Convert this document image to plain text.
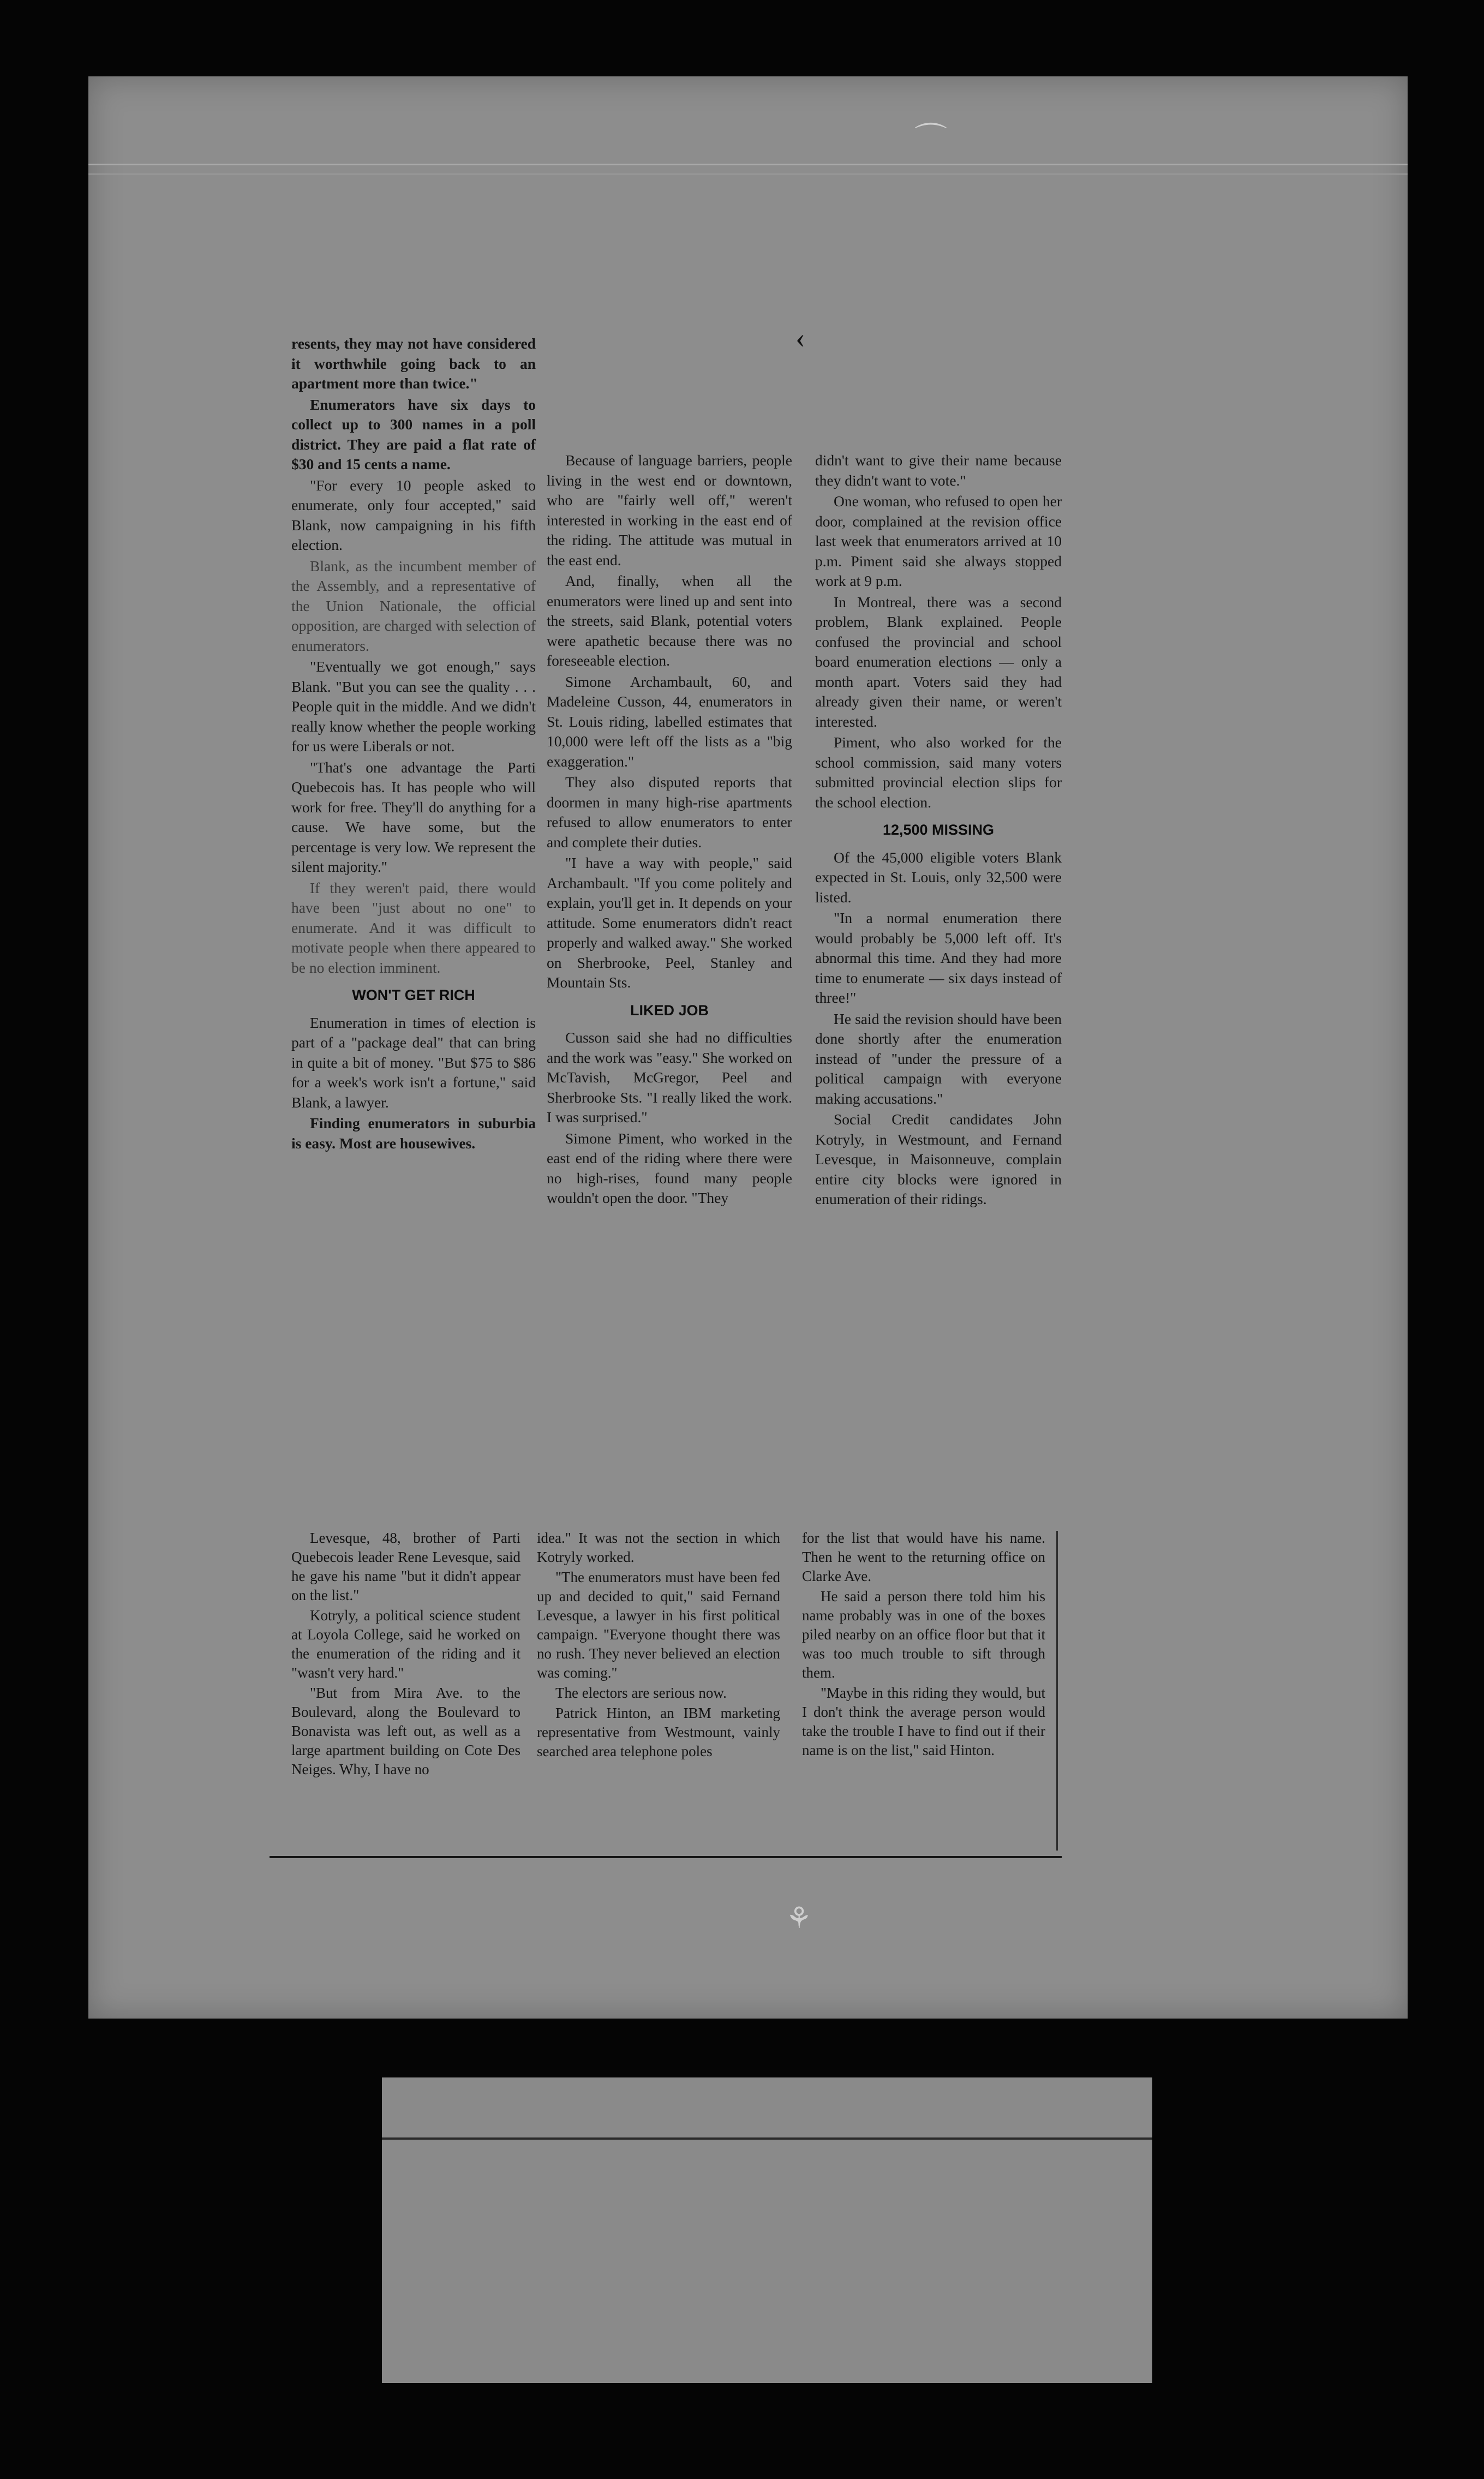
⌒
‹
⚘

resents, they may not have considered it worthwhile going back to an apartment more than twice."

Enumerators have six days to collect up to 300 names in a poll district. They are paid a flat rate of $30 and 15 cents a name.

"For every 10 people asked to enumerate, only four accepted," said Blank, now campaigning in his fifth election.

Blank, as the incumbent member of the Assembly, and a representative of the Union Nationale, the official opposition, are charged with selection of enumerators.

"Eventually we got enough," says Blank. "But you can see the quality . . . People quit in the middle. And we didn't really know whether the people working for us were Liberals or not.

"That's one advantage the Parti Quebecois has. It has people who will work for free. They'll do anything for a cause. We have some, but the percentage is very low. We represent the silent majority."

If they weren't paid, there would have been "just about no one" to enumerate. And it was difficult to motivate people when there appeared to be no election imminent.

WON'T GET RICH

Enumeration in times of election is part of a "package deal" that can bring in quite a bit of money. "But $75 to $86 for a week's work isn't a fortune," said Blank, a lawyer.

Finding enumerators in suburbia is easy. Most are housewives.

Because of language barriers, people living in the west end or downtown, who are "fairly well off," weren't interested in working in the east end of the riding. The attitude was mutual in the east end.

And, finally, when all the enumerators were lined up and sent into the streets, said Blank, potential voters were apathetic because there was no foreseeable election.

Simone Archambault, 60, and Madeleine Cusson, 44, enumerators in St. Louis riding, labelled estimates that 10,000 were left off the lists as a "big exaggeration."

They also disputed reports that doormen in many high-rise apartments refused to allow enumerators to enter and complete their duties.

"I have a way with people," said Archambault. "If you come politely and explain, you'll get in. It depends on your attitude. Some enumerators didn't react properly and walked away." She worked on Sherbrooke, Peel, Stanley and Mountain Sts.

LIKED JOB

Cusson said she had no difficulties and the work was "easy." She worked on McTavish, McGregor, Peel and Sherbrooke Sts. "I really liked the work. I was surprised."

Simone Piment, who worked in the east end of the riding where there were no high-rises, found many people wouldn't open the door. "They

didn't want to give their name because they didn't want to vote."

One woman, who refused to open her door, complained at the revision office last week that enumerators arrived at 10 p.m. Piment said she always stopped work at 9 p.m.

In Montreal, there was a second problem, Blank explained. People confused the provincial and school board enumeration elections — only a month apart. Voters said they had already given their name, or weren't interested.

Piment, who also worked for the school commission, said many voters submitted provincial election slips for the school election.

12,500 MISSING

Of the 45,000 eligible voters Blank expected in St. Louis, only 32,500 were listed.

"In a normal enumeration there would probably be 5,000 left off. It's abnormal this time. And they had more time to enumerate — six days instead of three!"

He said the revision should have been done shortly after the enumeration instead of "under the pressure of a political campaign with everyone making accusations."

Social Credit candidates John Kotryly, in Westmount, and Fernand Levesque, in Maisonneuve, complain entire city blocks were ignored in enumeration of their ridings.

Levesque, 48, brother of Parti Quebecois leader Rene Levesque, said he gave his name "but it didn't appear on the list."

Kotryly, a political science student at Loyola College, said he worked on the enumeration of the riding and it "wasn't very hard."

"But from Mira Ave. to the Boulevard, along the Boulevard to Bonavista was left out, as well as a large apartment building on Cote Des Neiges. Why, I have no

idea." It was not the section in which Kotryly worked.

"The enumerators must have been fed up and decided to quit," said Fernand Levesque, a lawyer in his first political campaign. "Everyone thought there was no rush. They never believed an election was coming."

The electors are serious now.

Patrick Hinton, an IBM marketing representative from Westmount, vainly searched area telephone poles

for the list that would have his name. Then he went to the returning office on Clarke Ave.

He said a person there told him his name probably was in one of the boxes piled nearby on an office floor but that it was too much trouble to sift through them.

"Maybe in this riding they would, but I don't think the average person would take the trouble I have to find out if their name is on the list," said Hinton.
